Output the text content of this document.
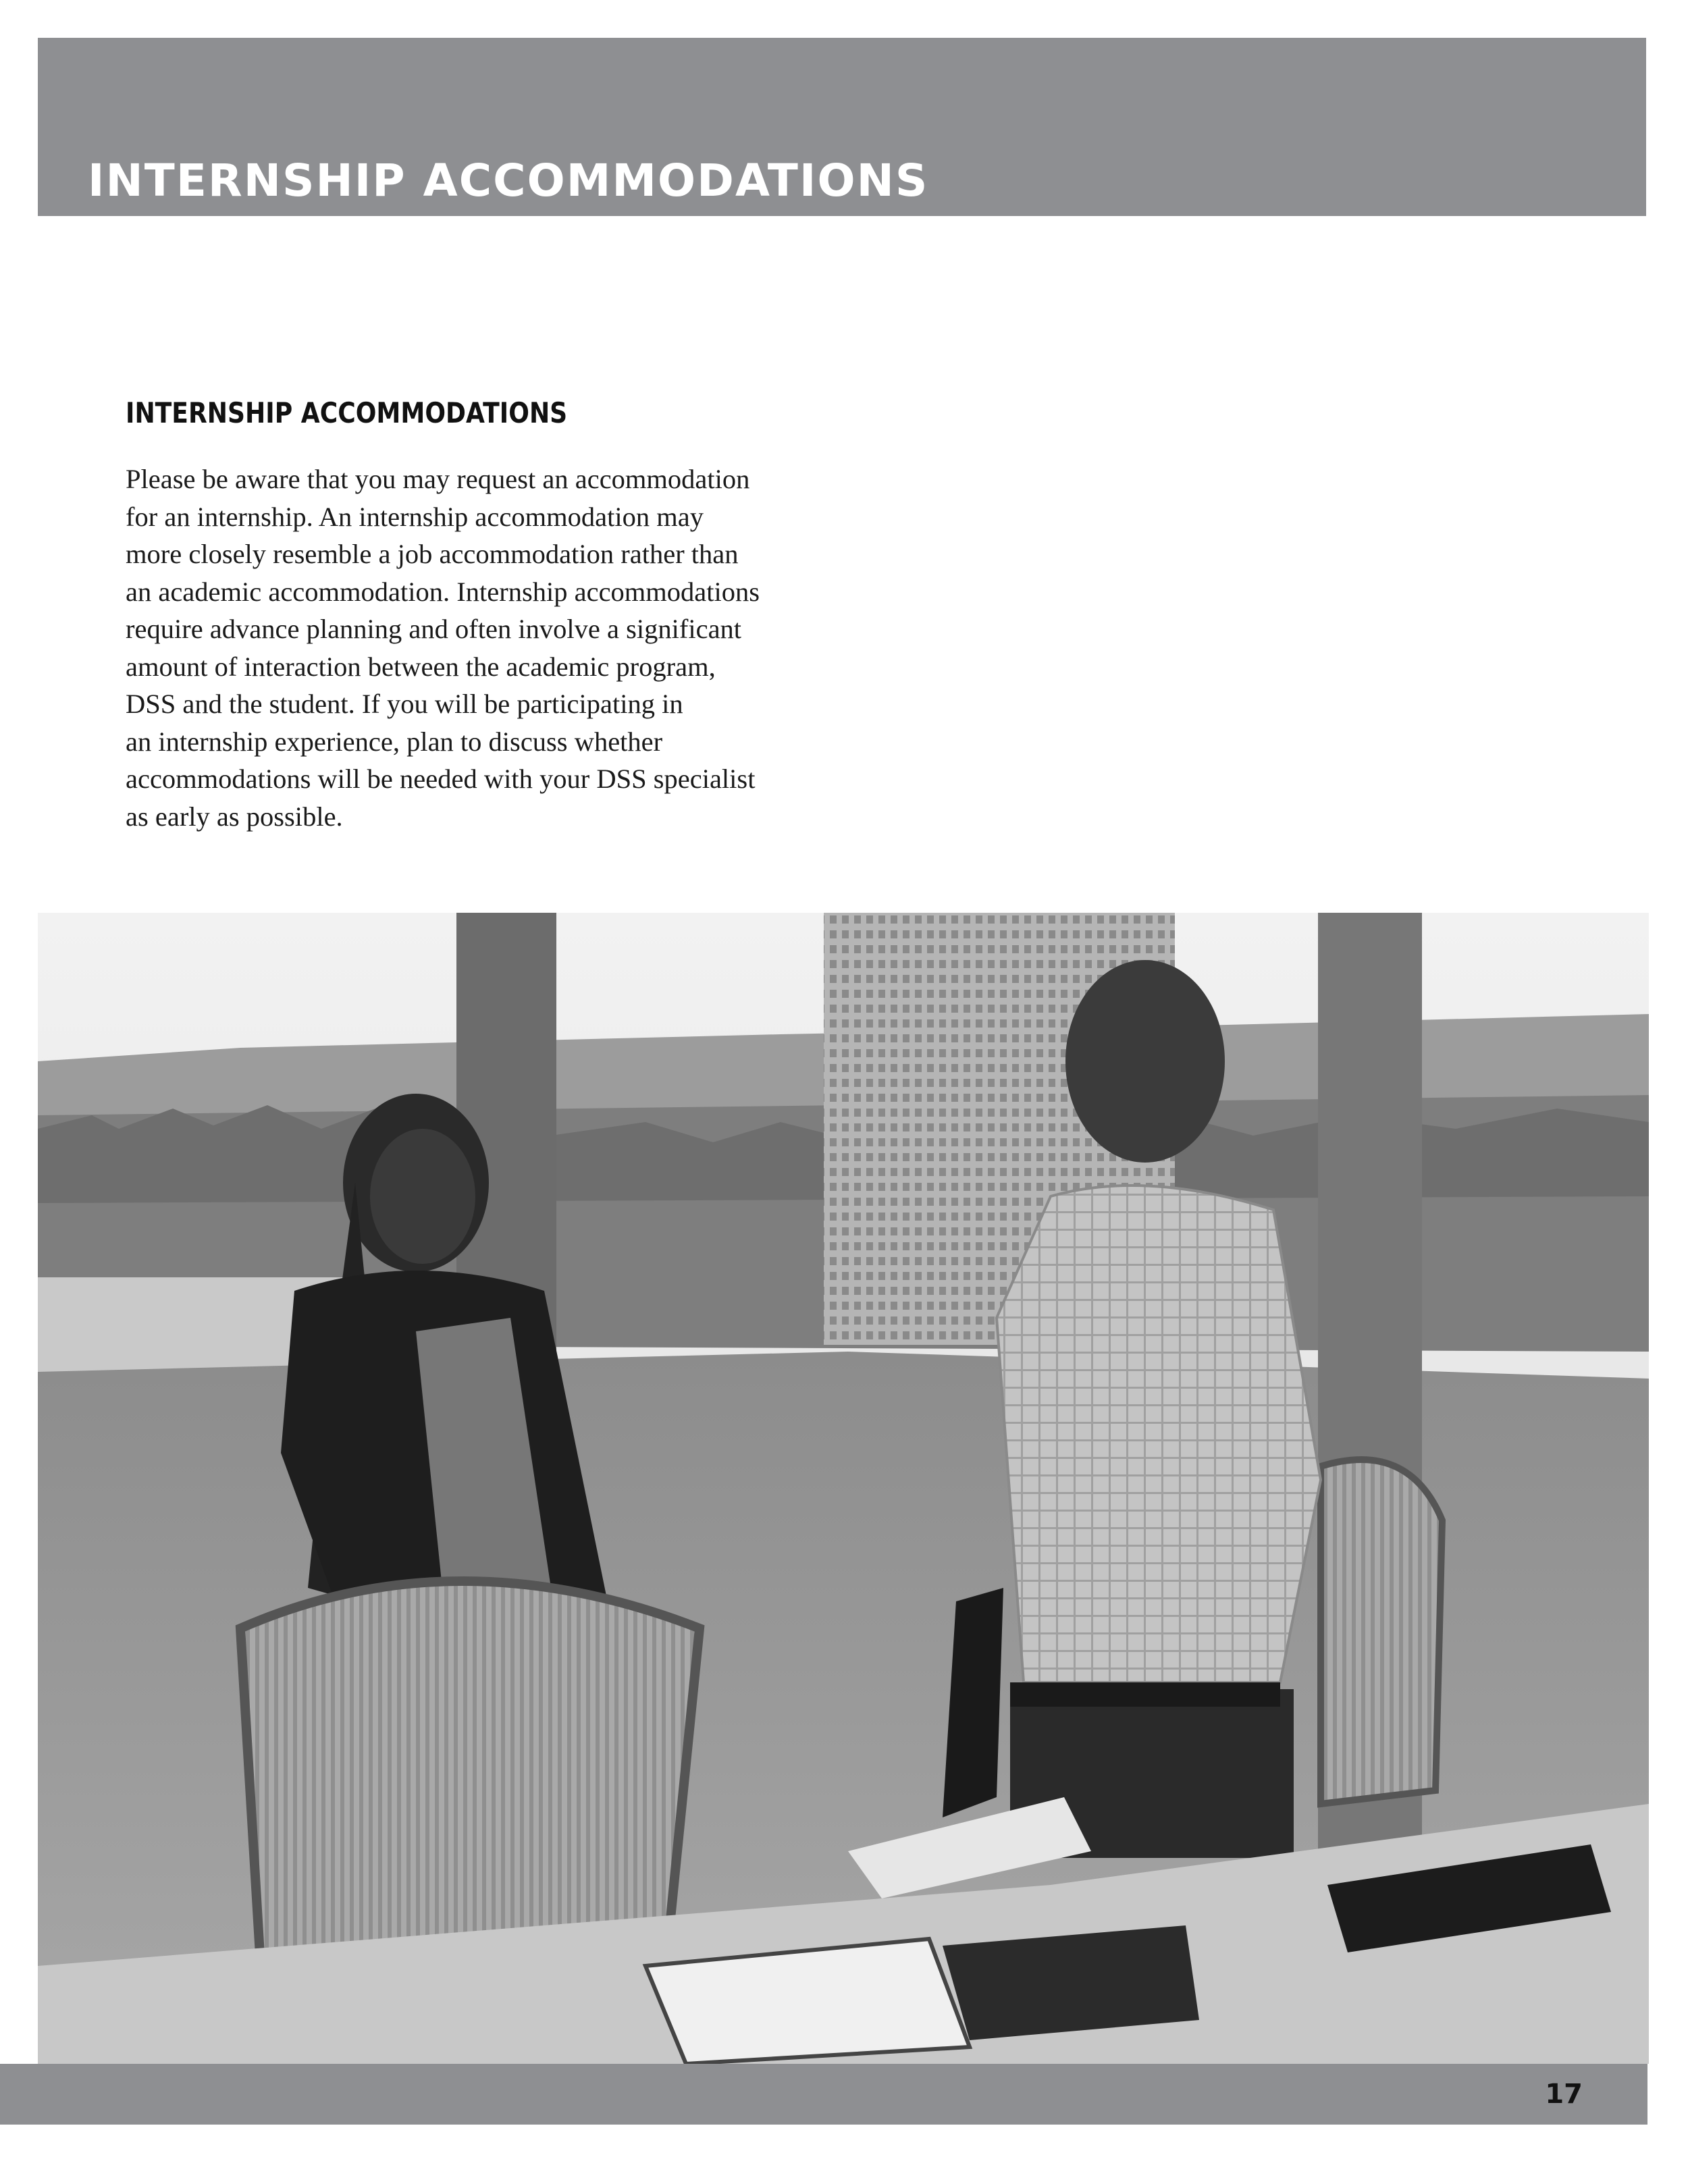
INTERNSHIP ACCOMMODATIONS
INTERNSHIP ACCOMMODATIONS

Please be aware that you may request an accommodation
for an internship. An internship accommodation may
more closely resemble a job accommodation rather than
an academic accommodation. Internship accommodations
require advance planning and often involve a significant
amount of interaction between the academic program,
DSS and the student. If you will be participating in
an internship experience, plan to discuss whether
accommodations will be needed with your DSS specialist
as early as possible.

17
